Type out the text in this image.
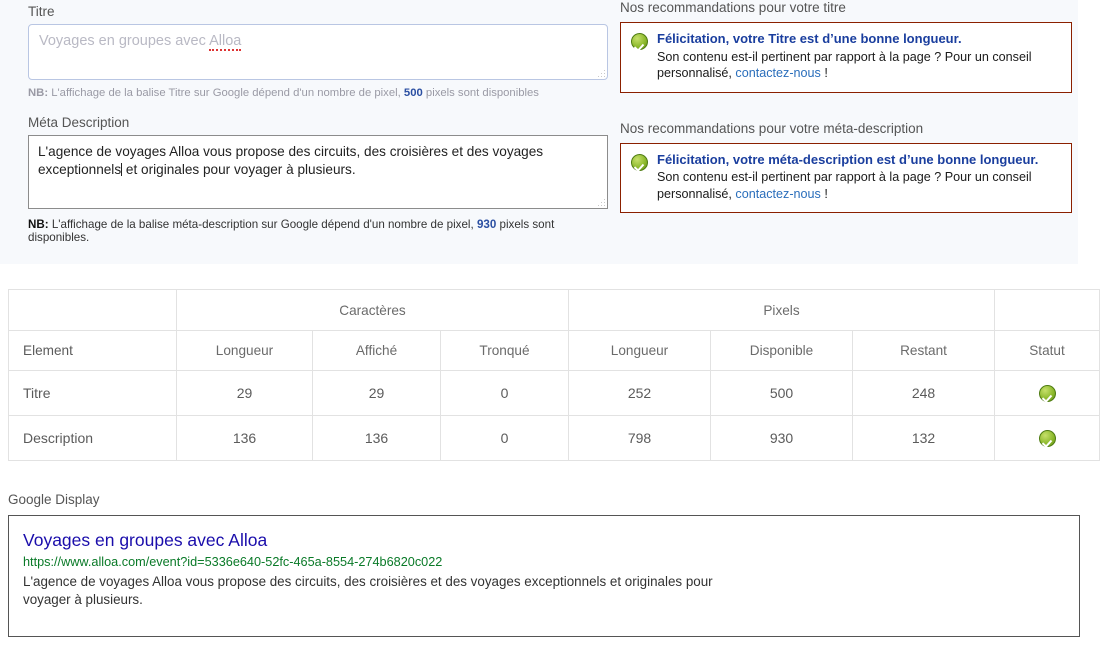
Titre
Voyages en groupes avec Alloa
NB: L'affichage de la balise Titre sur Google dépend d'un nombre de pixel, 500 pixels sont disponibles
Méta Description
L'agence de voyages Alloa vous propose des circuits, des croisières et des voyages exceptionnels et originales pour voyager à plusieurs.
NB: L'affichage de la balise méta-description sur Google dépend d'un nombre de pixel, 930 pixels sont disponibles.
Nos recommandations pour votre titre
Félicitation, votre Titre est d’une bonne longueur.
Son contenu est-il pertinent par rapport à la page ? Pour un conseil personnalisé, contactez-nous !
Nos recommandations pour votre méta-description
Félicitation, votre méta-description est d’une bonne longueur.
Son contenu est-il pertinent par rapport à la page ? Pour un conseil personnalisé, contactez-nous !
	Caractères			Pixels			
Element	Longueur	Affiché	Tronqué	Longueur	Disponible	Restant	Statut
Titre	29	29	0	252	500	248	

Description	136	136	0	798	930	132	
Google Display
Voyages en groupes avec Alloa
https://www.alloa.com/event?id=5336e640-52fc-465a-8554-274b6820c022
L'agence de voyages Alloa vous propose des circuits, des croisières et des voyages exceptionnels et originales pour voyager à plusieurs.
